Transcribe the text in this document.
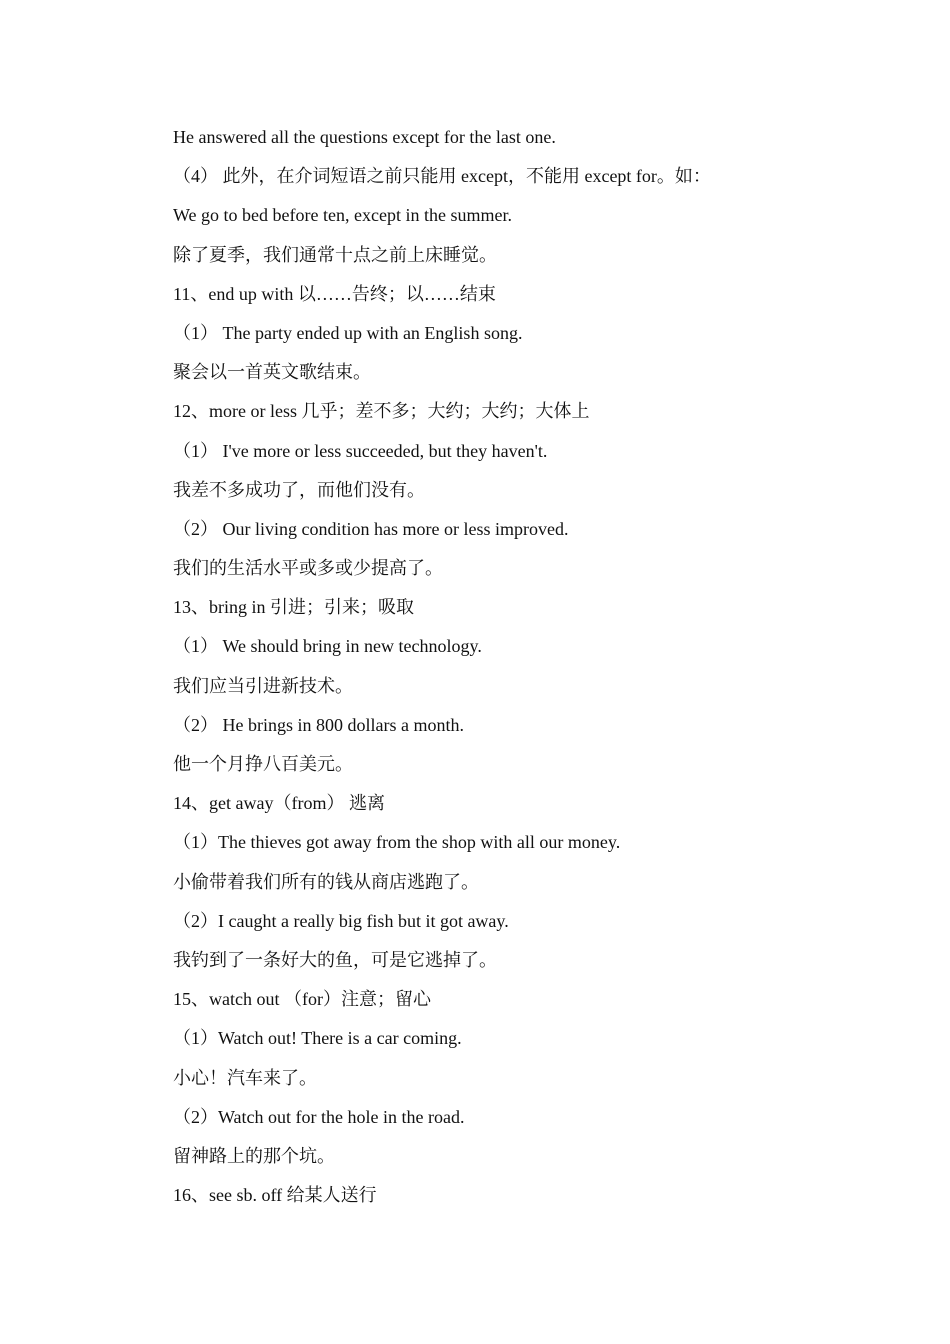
He answered all the questions except for the last one.
（4） 此外，在介词短语之前只能用 except，不能用 except for。如：
We go to bed before ten, except in the summer.
除了夏季，我们通常十点之前上床睡觉。
11、end up with 以……告终；以……结束
（1） The party ended up with an English song.
聚会以一首英文歌结束。
12、more or less 几乎；差不多；大约；大约；大体上
（1） I've more or less succeeded, but they haven't.
我差不多成功了，而他们没有。
（2） Our living condition has more or less improved.
我们的生活水平或多或少提高了。
13、bring in 引进；引来；吸取
（1） We should bring in new technology.
我们应当引进新技术。
（2） He brings in 800 dollars a month.
他一个月挣八百美元。
14、get away（from） 逃离
（1）The thieves got away from the shop with all our money.
小偷带着我们所有的钱从商店逃跑了。
（2）I caught a really big fish but it got away.
我钓到了一条好大的鱼，可是它逃掉了。
15、watch out （for）注意；留心
（1）Watch out! There is a car coming.
小心！汽车来了。
（2）Watch out for the hole in the road.
留神路上的那个坑。
16、see sb. off 给某人送行
